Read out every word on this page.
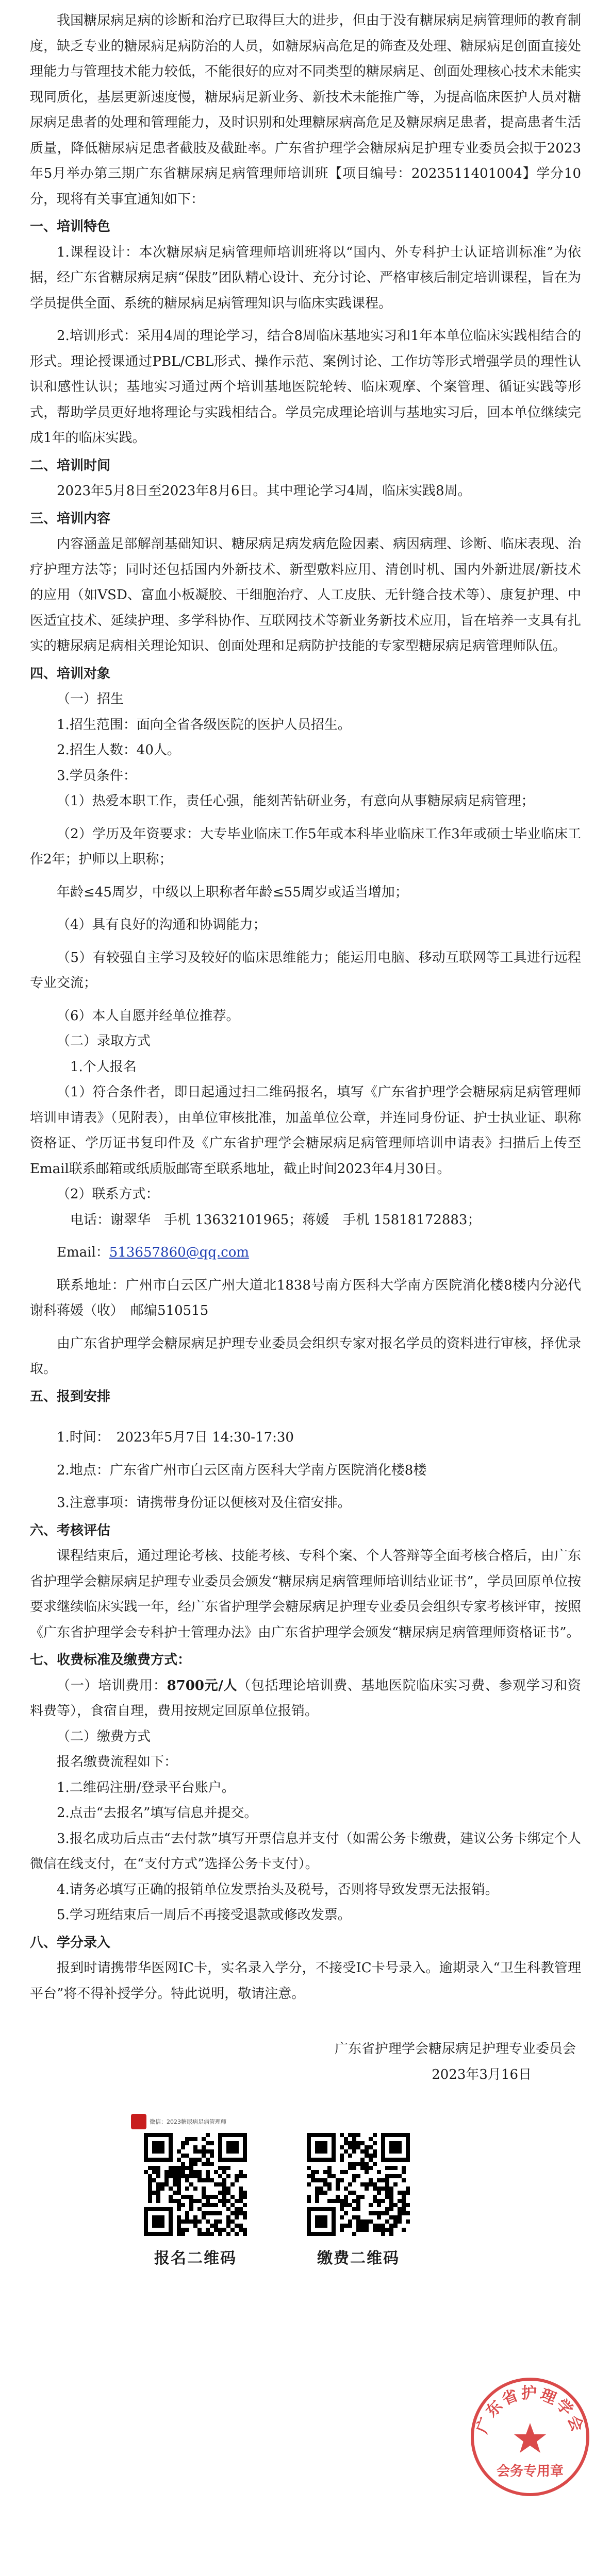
我国糖尿病足病的诊断和治疗已取得巨大的进步，但由于没有糖尿病足病管理师的教育制度，缺乏专业的糖尿病足病防治的人员，如糖尿病高危足的筛查及处理、糖尿病足创面直接处理能力与管理技术能力较低，不能很好的应对不同类型的糖尿病足、创面处理核心技术未能实现同质化，基层更新速度慢，糖尿病足新业务、新技术未能推广等，为提高临床医护人员对糖尿病足患者的处理和管理能力，及时识别和处理糖尿病高危足及糖尿病足患者，提高患者生活质量，降低糖尿病足患者截肢及截趾率。广东省护理学会糖尿病足护理专业委员会拟于2023年5月举办第三期广东省糖尿病足病管理师培训班【项目编号：2023511401004】学分10分，现将有关事宜通知如下：

一、培训特色

1.课程设计：本次糖尿病足病管理师培训班将以“国内、外专科护士认证培训标准”为依据，经广东省糖尿病足病“保肢”团队精心设计、充分讨论、严格审核后制定培训课程，旨在为学员提供全面、系统的糖尿病足病管理知识与临床实践课程。

2.培训形式：采用4周的理论学习，结合8周临床基地实习和1年本单位临床实践相结合的形式。理论授课通过PBL/CBL形式、操作示范、案例讨论、工作坊等形式增强学员的理性认识和感性认识；基地实习通过两个培训基地医院轮转、临床观摩、个案管理、循证实践等形式，帮助学员更好地将理论与实践相结合。学员完成理论培训与基地实习后，回本单位继续完成1年的临床实践。

二、培训时间

2023年5月8日至2023年8月6日。其中理论学习4周，临床实践8周。

三、培训内容

内容涵盖足部解剖基础知识、糖尿病足病发病危险因素、病因病理、诊断、临床表现、治疗护理方法等；同时还包括国内外新技术、新型敷料应用、清创时机、国内外新进展/新技术的应用（如VSD、富血小板凝胶、干细胞治疗、人工皮肤、无针缝合技术等）、康复护理、中医适宜技术、延续护理、多学科协作、互联网技术等新业务新技术应用，旨在培养一支具有扎实的糖尿病足病相关理论知识、创面处理和足病防护技能的专家型糖尿病足病管理师队伍。

四、培训对象

（一）招生

1.招生范围：面向全省各级医院的医护人员招生。

2.招生人数：40人。

3.学员条件：

（1）热爱本职工作，责任心强，能刻苦钻研业务，有意向从事糖尿病足病管理；

（2）学历及年资要求：大专毕业临床工作5年或本科毕业临床工作3年或硕士毕业临床工作2年；护师以上职称；

年龄≤45周岁，中级以上职称者年龄≤55周岁或适当增加；

（4）具有良好的沟通和协调能力；

（5）有较强自主学习及较好的临床思维能力；能运用电脑、移动互联网等工具进行远程专业交流；

（6）本人自愿并经单位推荐。

（二）录取方式

1.个人报名

（1）符合条件者，即日起通过扫二维码报名，填写《广东省护理学会糖尿病足病管理师培训申请表》（见附表），由单位审核批准，加盖单位公章，并连同身份证、护士执业证、职称资格证、学历证书复印件及《广东省护理学会糖尿病足病管理师培训申请表》扫描后上传至Email联系邮箱或纸质版邮寄至联系地址，截止时间2023年4月30日。

（2）联系方式：

电话：谢翠华　手机 13632101965；蒋媛　手机 15818172883；

Email：513657860@qq.com

联系地址：广州市白云区广州大道北1838号南方医科大学南方医院消化楼8楼内分泌代谢科蒋媛（收）　邮编510515

由广东省护理学会糖尿病足护理专业委员会组织专家对报名学员的资料进行审核，择优录取。

五、报到安排

1.时间：　2023年5月7日 14:30-17:30

2.地点：广东省广州市白云区南方医科大学南方医院消化楼8楼

3.注意事项：请携带身份证以便核对及住宿安排。

六、考核评估

课程结束后，通过理论考核、技能考核、专科个案、个人答辩等全面考核合格后，由广东省护理学会糖尿病足护理专业委员会颁发“糖尿病足病管理师培训结业证书”，学员回原单位按要求继续临床实践一年，经广东省护理学会糖尿病足护理专业委员会组织专家考核评审，按照《广东省护理学会专科护士管理办法》由广东省护理学会颁发“糖尿病足病管理师资格证书”。

七、收费标准及缴费方式：

（一）培训费用：8700元/人（包括理论培训费、基地医院临床实习费、参观学习和资料费等），食宿自理，费用按规定回原单位报销。

（二）缴费方式

报名缴费流程如下：

1.二维码注册/登录平台账户。

2.点击“去报名”填写信息并提交。

3.报名成功后点击“去付款”填写开票信息并支付（如需公务卡缴费，建议公务卡绑定个人微信在线支付，在“支付方式”选择公务卡支付）。

4.请务必填写正确的报销单位发票抬头及税号，否则将导致发票无法报销。

5.学习班结束后一周后不再接受退款或修改发票。

八、学分录入

报到时请携带华医网IC卡，实名录入学分，不接受IC卡号录入。逾期录入“卫生科教管理平台”将不得补授学分。特此说明，敬请注意。

广东省护理学会糖尿病足护理专业委员会

2023年3月16日

广东省护理学会
会务专用章
微信：2023糖尿病足病管理师
报名二维码	缴费二维码
